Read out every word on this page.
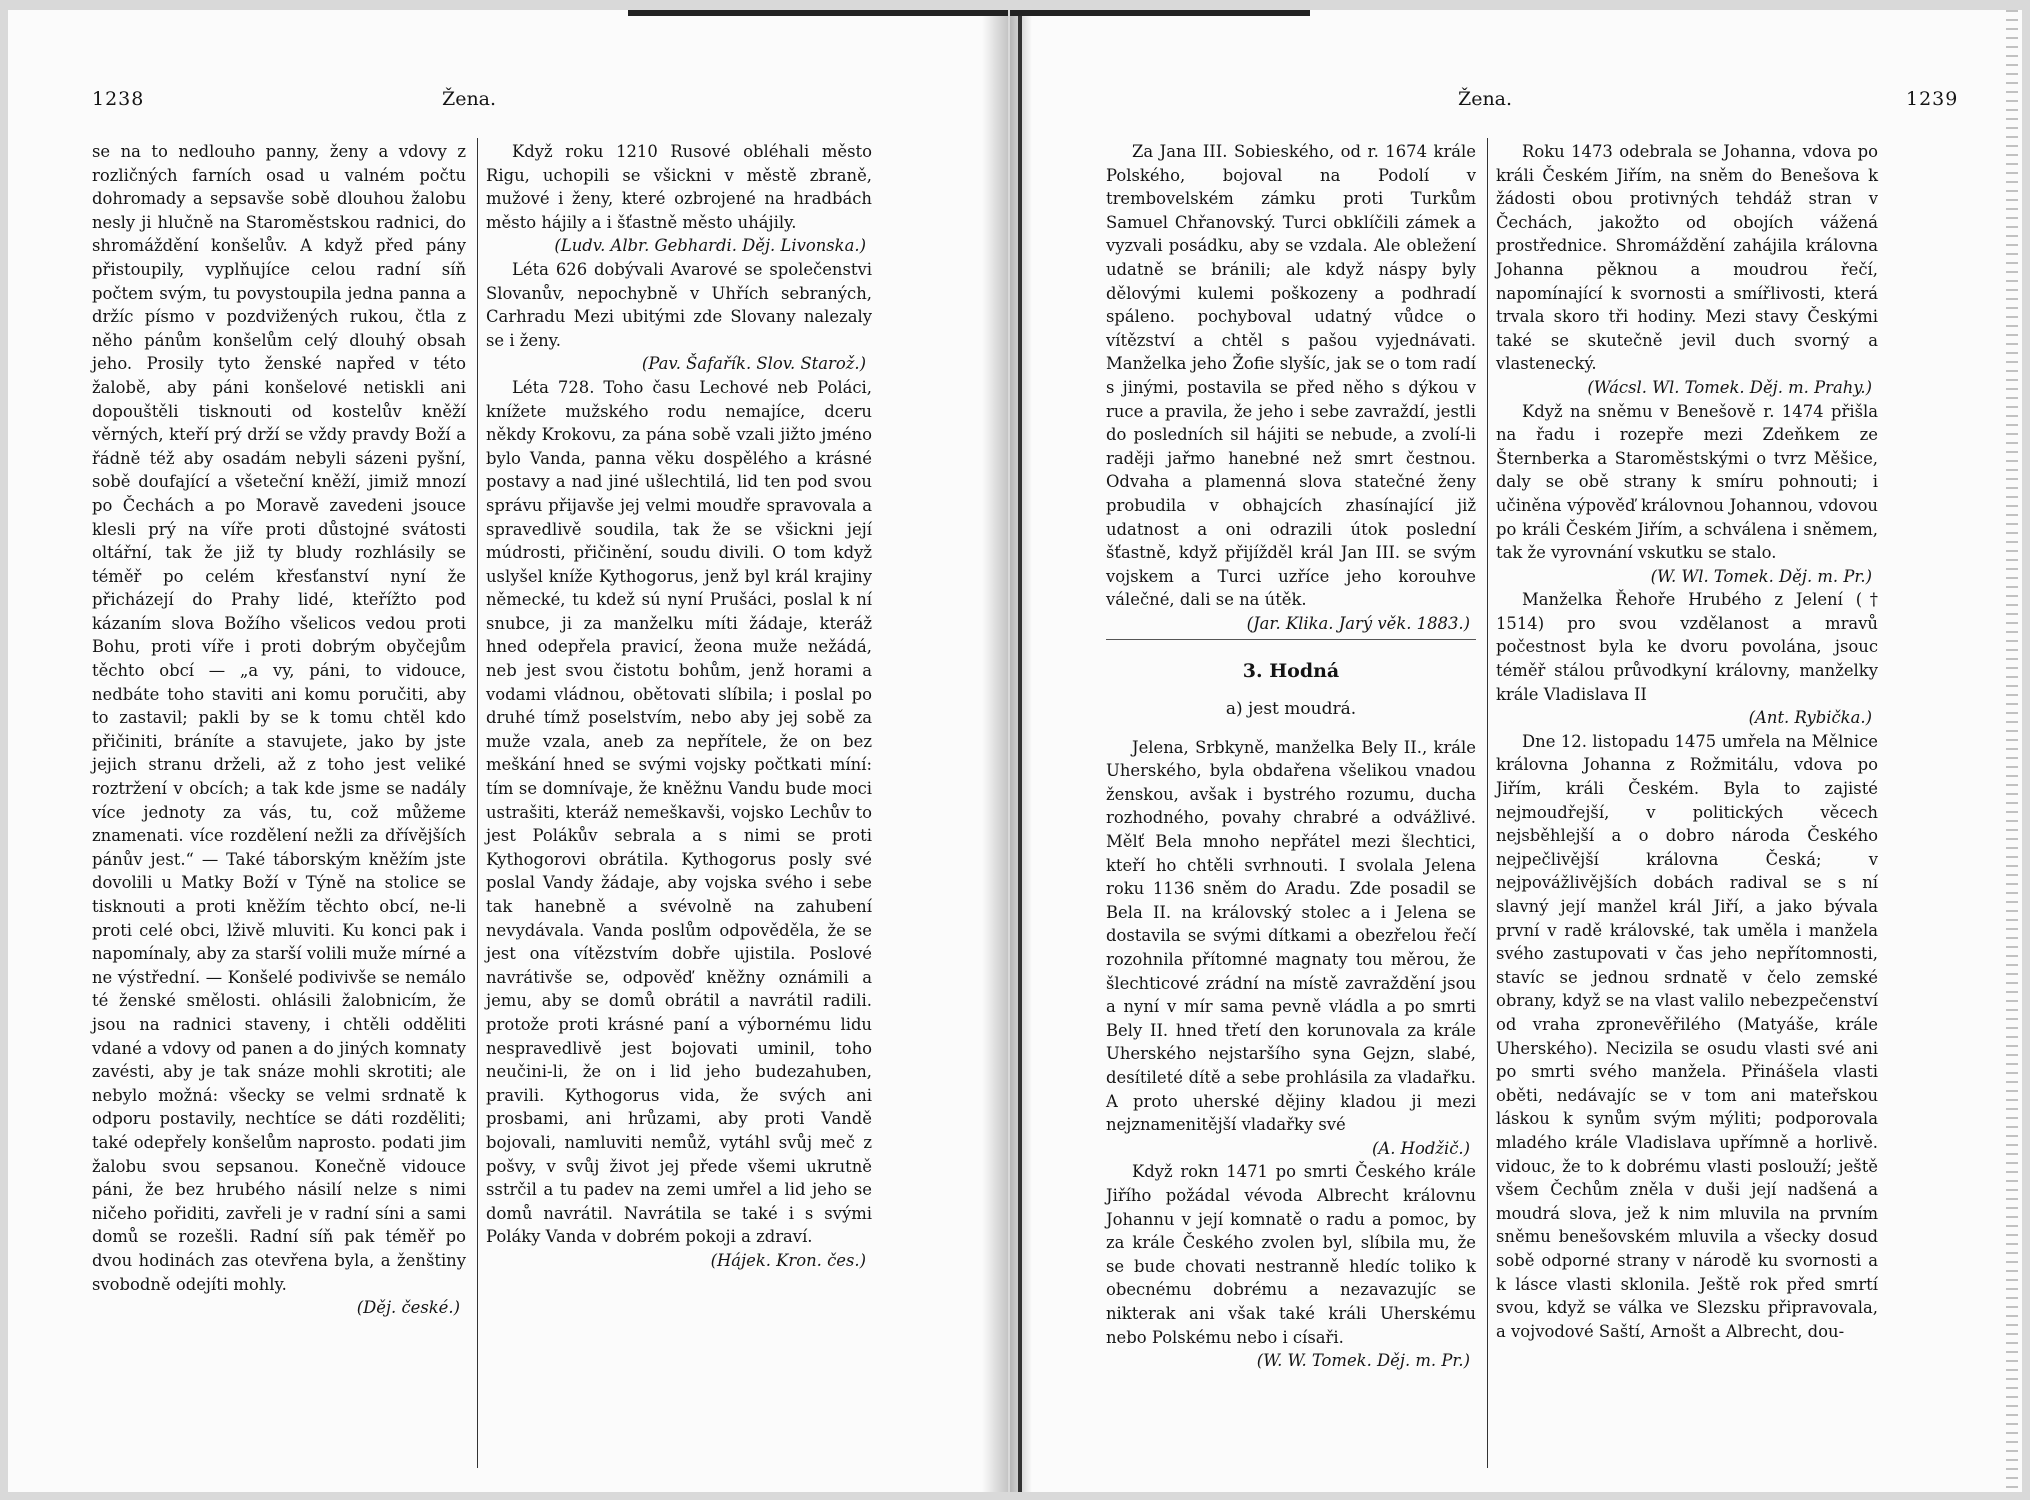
1238	Žena.

se na to nedlouho panny, ženy a vdovy z rozličných farních osad u valném počtu dohromady a sepsavše sobě dlouhou žalobu nesly ji hlučně na Staroměstskou radnici, do shromáždění konšelův. A když před pány přistoupily, vyplňujíce celou radní síň počtem svým, tu povystoupila jedna panna a držíc písmo v pozdvižených rukou, čtla z něho pánům konšelům celý dlouhý obsah jeho. Prosily tyto ženské napřed v této žalobě, aby páni konšelové netiskli ani dopouštěli tisknouti od kostelův kněží věrných, kteří prý drží se vždy pravdy Boží a řádně též aby osadám nebyli sázeni pyšní, sobě doufající a všeteční kněží, jimiž mnozí po Čechách a po Moravě zavedeni jsouce klesli prý na víře proti důstojné svátosti oltářní, tak že již ty bludy rozhlásily se téměř po celém křesťanství nyní že přicházejí do Prahy lidé, kteřížto pod kázaním slova Božího všelicos vedou proti Bohu, proti víře i proti dobrým obyčejům těchto obcí — „a vy, páni, to vidouce, nedbáte toho staviti ani komu poručiti, aby to zastavil; pakli by se k tomu chtěl kdo přičiniti, bráníte a stavujete, jako by jste jejich stranu drželi, až z toho jest veliké roztržení v obcích; a tak kde jsme se nadály více jednoty za vás, tu, což můžeme znamenati. více rozdělení nežli za dřívějších pánův jest.“ — Také táborským kněžím jste dovolili u Matky Boží v Týně na stolice se tisknouti a proti kněžím těchto obcí, ne-li proti celé obci, lživě mluviti. Ku konci pak i napomínaly, aby za starší volili muže mírné a ne výstřední. — Konšelé podivivše se nemálo té ženské smělosti. ohlásili žalobnicím, že jsou na radnici staveny, i chtěli odděliti vdané a vdovy od panen a do jiných komnaty zavésti, aby je tak snáze mohli skrotiti; ale nebylo možná: všecky se velmi srdnatě k odporu postavily, nechtíce se dáti rozděliti; také odepřely konšelům naprosto. podati jim žalobu svou sepsanou. Konečně vidouce páni, že bez hrubého násilí nelze s nimi ničeho pořiditi, zavřeli je v radní síni a sami domů se rozešli. Radní síň pak téměř po dvou hodinách zas otevřena byla, a ženštiny svobodně odejíti mohly.

(Děj. české.)

Když roku 1210 Rusové obléhali město Rigu, uchopili se všickni v městě zbraně, mužové i ženy, které ozbrojené na hradbách město hájily a i šťastně město uhájily.

(Ludv. Albr. Gebhardi. Děj. Livonska.)

Léta 626 dobývali Avarové se společenstvi Slovanův, nepochybně v Uhřích sebraných, Carhradu Mezi ubitými zde Slovany nalezaly se i ženy.

(Pav. Šafařík. Slov. Starož.)

Léta 728. Toho času Lechové neb Poláci, knížete mužského rodu nemajíce, dceru někdy Krokovu, za pána sobě vzali jižto jméno bylo Vanda, panna věku dospělého a krásné postavy a nad jiné ušlechtilá, lid ten pod svou správu přijavše jej velmi moudře spravovala a spravedlivě soudila, tak že se všickni její múdrosti, přičinění, soudu divili. O tom když uslyšel kníže Kythogorus, jenž byl král krajiny německé, tu kdež sú nyní Prušáci, poslal k ní snubce, ji za manželku míti žádaje, kteráž hned odepřela pravicí, žeona muže nežádá, neb jest svou čistotu bohům, jenž horami a vodami vládnou, obětovati slíbila; i poslal po druhé tímž poselstvím, nebo aby jej sobě za muže vzala, aneb za nepřítele, že on bez meškání hned se svými vojsky počtkati míní: tím se domnívaje, že kněžnu Vandu bude moci ustrašiti, kteráž nemeškavši, vojsko Lechův to jest Polákův sebrala a s nimi se proti Kythogorovi obrátila. Kythogorus posly své poslal Vandy žádaje, aby vojska svého i sebe tak hanebně a svévolně na zahubení nevydávala. Vanda poslům odpověděla, že se jest ona vítězstvím dobře ujistila. Poslové navrátivše se, odpověď kněžny oznámili a jemu, aby se domů obrátil a navrátil radili. protože proti krásné paní a výbornému lidu nespravedlivě jest bojovati uminil, toho neučini-li, že on i lid jeho budezahuben, pravili. Kythogorus vida, že svých ani prosbami, ani hrůzami, aby proti Vandě bojovali, namluviti nemůž, vytáhl svůj meč z pošvy, v svůj život jej přede všemi ukrutně sstrčil a tu padev na zemi umřel a lid jeho se domů navrátil. Navrátila se také i s svými Poláky Vanda v dobrém pokoji a zdraví.

(Hájek. Kron. čes.)

Žena.	1239

Za Jana III. Sobieského, od r. 1674 krále Polského, bojoval na Podolí v trembovelském zámku proti Turkům Samuel Chřanovský. Turci obklíčili zámek a vyzvali posádku, aby se vzdala. Ale obležení udatně se bránili; ale když náspy byly dělovými kulemi poškozeny a podhradí spáleno. pochyboval udatný vůdce o vítězství a chtěl s pašou vyjednávati. Manželka jeho Žofie slyšíc, jak se o tom radí s jinými, postavila se před něho s dýkou v ruce a pravila, že jeho i sebe zavraždí, jestli do posledních sil hájiti se nebude, a zvolí-li raději jařmo hanebné než smrt čestnou. Odvaha a plamenná slova statečné ženy probudila v obhajcích zhasínající již udatnost a oni odrazili útok poslední šťastně, když přijížděl král Jan III. se svým vojskem a Turci uzříce jeho korouhve válečné, dali se na útěk.

(Jar. Klika. Jarý věk. 1883.)

3. Hodná
a) jest moudrá.

Jelena, Srbkyně, manželka Bely II., krále Uherského, byla obdařena všelikou vnadou ženskou, avšak i bystrého rozumu, ducha rozhodného, povahy chrabré a odvážlivé. Mělť Bela mnoho nepřátel mezi šlechtici, kteří ho chtěli svrhnouti. I svolala Jelena roku 1136 sněm do Aradu. Zde posadil se Bela II. na královský stolec a i Jelena se dostavila se svými dítkami a obezřelou řečí rozohnila přítomné magnaty tou měrou, že šlechticové zrádní na místě zavraždění jsou a nyní v mír sama pevně vládla a po smrti Bely II. hned třetí den korunovala za krále Uherského nejstaršího syna Gejzn, slabé, desítileté dítě a sebe prohlásila za vladařku. A proto uherské dějiny kladou ji mezi nejznamenitější vladařky své

(A. Hodžič.)

Když rokn 1471 po smrti Českého krále Jiřího požádal vévoda Albrecht královnu Johannu v její komnatě o radu a pomoc, by za krále Českého zvolen byl, slíbila mu, že se bude chovati nestranně hledíc toliko k obecnému dobrému a nezavazujíc se nikterak ani však také králi Uherskému nebo Polskému nebo i císaři.

(W. W. Tomek. Děj. m. Pr.)

Roku 1473 odebrala se Johanna, vdova po králi Českém Jiřím, na sněm do Benešova k žádosti obou protivných tehdáž stran v Čechách, jakožto od obojích vážená prostřednice. Shromáždění zahájila královna Johanna pěknou a moudrou řečí, napomínající k svornosti a smířlivosti, která trvala skoro tři hodiny. Mezi stavy Českými také se skutečně jevil duch svorný a vlastenecký.

(Wácsl. Wl. Tomek. Děj. m. Prahy.)

Když na sněmu v Benešově r. 1474 přišla na řadu i rozepře mezi Zdeňkem ze Šternberka a Staroměstskými o tvrz Měšice, daly se obě strany k smíru pohnouti; i učiněna výpověď královnou Johannou, vdovou po králi Českém Jiřím, a schválena i sněmem, tak že vyrovnání vskutku se stalo.

(W. Wl. Tomek. Děj. m. Pr.)

Manželka Řehoře Hrubého z Jelení († 1514) pro svou vzdělanost a mravů počestnost byla ke dvoru povolána, jsouc téměř stálou průvodkyní královny, manželky krále Vladislava II

(Ant. Rybička.)

Dne 12. listopadu 1475 umřela na Mělnice královna Johanna z Rožmitálu, vdova po Jiřím, králi Českém. Byla to zajisté nejmoudřejší, v politických věcech nejsběhlejší a o dobro národa Českého nejpečlivější královna Česká; v nejpovážlivějších dobách radival se s ní slavný její manžel král Jiří, a jako bývala první v radě královské, tak uměla i manžela svého zastupovati v čas jeho nepřítomnosti, stavíc se jednou srdnatě v čelo zemské obrany, když se na vlast valilo nebezpečenství od vraha zpronevěřilého (Matyáše, krále Uherského). Necizila se osudu vlasti své ani po smrti svého manžela. Přinášela vlasti oběti, nedávajíc se v tom ani mateřskou láskou k synům svým mýliti; podporovala mladého krále Vladislava upřímně a horlivě. vidouc, že to k dobrému vlasti poslouží; ještě všem Čechům zněla v duši její nadšená a moudrá slova, jež k nim mluvila na prvním sněmu benešovském mluvila a všecky dosud sobě odporné strany v národě ku svornosti a k lásce vlasti sklonila. Ještě rok před smrtí svou, když se válka ve Slezsku připravovala, a vojvodové Saští, Arnošt a Albrecht, dou-
